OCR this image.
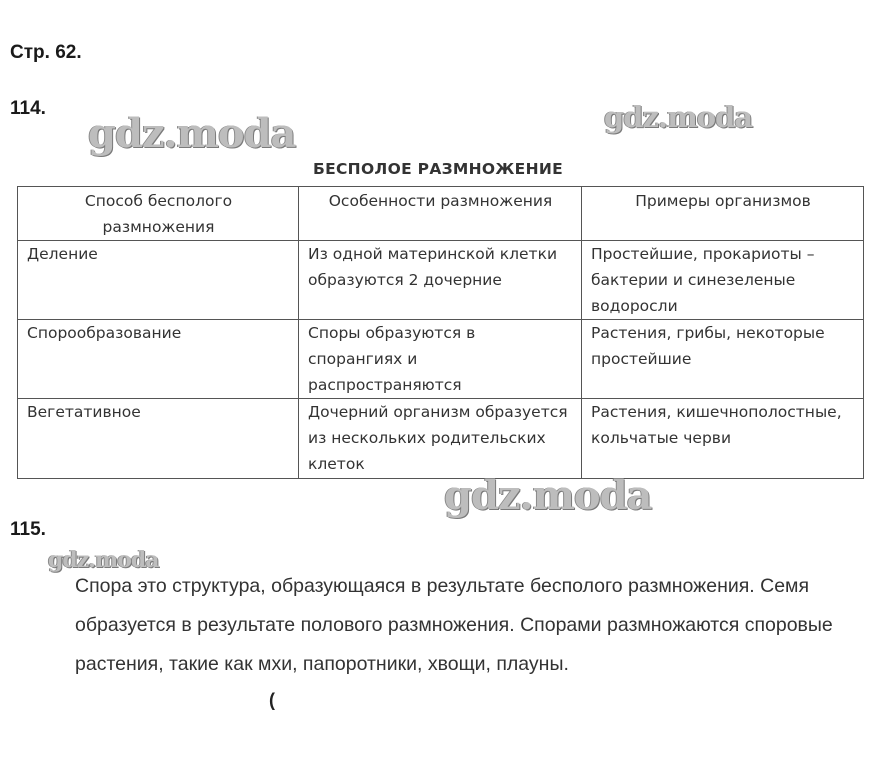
Стр. 62.
114.
gdz.moda	gdz.moda
БЕСПОЛОЕ РАЗМНОЖЕНИЕ
Способ бесполого размножения	Особенности размножения	Примеры организмов
Деление	Из одной материнской клетки образуются 2 дочерние	Простейшие, прокариоты – бактерии и синезеленые водоросли
Спорообразование	Споры образуются в спорангиях и распространяются	Растения, грибы, некоторые простейшие
Вегетативное	Дочерний организм образуется из нескольких родительских клеток	Растения, кишечнополостные, кольчатые черви
gdz.moda
115.
gdz.moda
Спора это структура, образующаяся в результате бесполого размножения. Семя образуется в результате полового размножения. Спорами размножаются споровые растения, такие как мхи, папоротники, хвощи, плауны.
(
